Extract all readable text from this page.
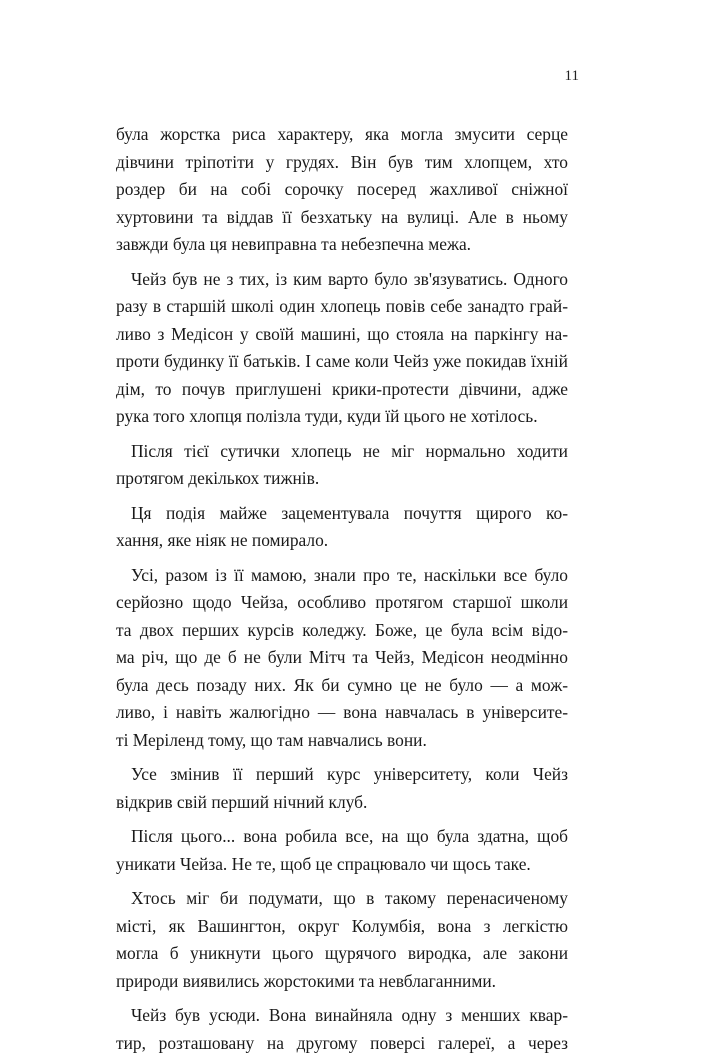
11
була жорстка риса характеру, яка могла змусити серце
дівчини тріпотіти у грудях. Він був тим хлопцем, хто
роздер би на собі сорочку посеред жахливої сніжної
хуртовини та віддав її безхатьку на вулиці. Але в ньому
завжди була ця невиправна та небезпечна межа.
Чейз був не з тих, із ким варто було зв'язуватись. Одного
разу в старшій школі один хлопець повів себе занадто грай-
ливо з Медісон у своїй машині, що стояла на паркінгу на-
проти будинку її батьків. І саме коли Чейз уже покидав їхній
дім, то почув приглушені крики-протести дівчини, адже
рука того хлопця полізла туди, куди їй цього не хотілось.
Після тієї сутички хлопець не міг нормально ходити
протягом декількох тижнів.
Ця подія майже зацементувала почуття щирого ко-
хання, яке ніяк не помирало.
Усі, разом із її мамою, знали про те, наскільки все було
серйозно щодо Чейза, особливо протягом старшої школи
та двох перших курсів коледжу. Боже, це була всім відо-
ма річ, що де б не були Мітч та Чейз, Медісон неодмінно
була десь позаду них. Як би сумно це не було — а мож-
ливо, і навіть жалюгідно — вона навчалась в університе-
ті Меріленд тому, що там навчались вони.
Усе змінив її перший курс університету, коли Чейз
відкрив свій перший нічний клуб.
Після цього... вона робила все, на що була здатна, щоб
уникати Чейза. Не те, щоб це спрацювало чи щось таке.
Хтось міг би подумати, що в такому перенасиченому
місті, як Вашингтон, округ Колумбія, вона з легкістю
могла б уникнути цього щурячого виродка, але закони
природи виявились жорстокими та невблаганними.
Чейз був усюди. Вона винайняла одну з менших квар-
тир, розташовану на другому поверсі галереї, а через
